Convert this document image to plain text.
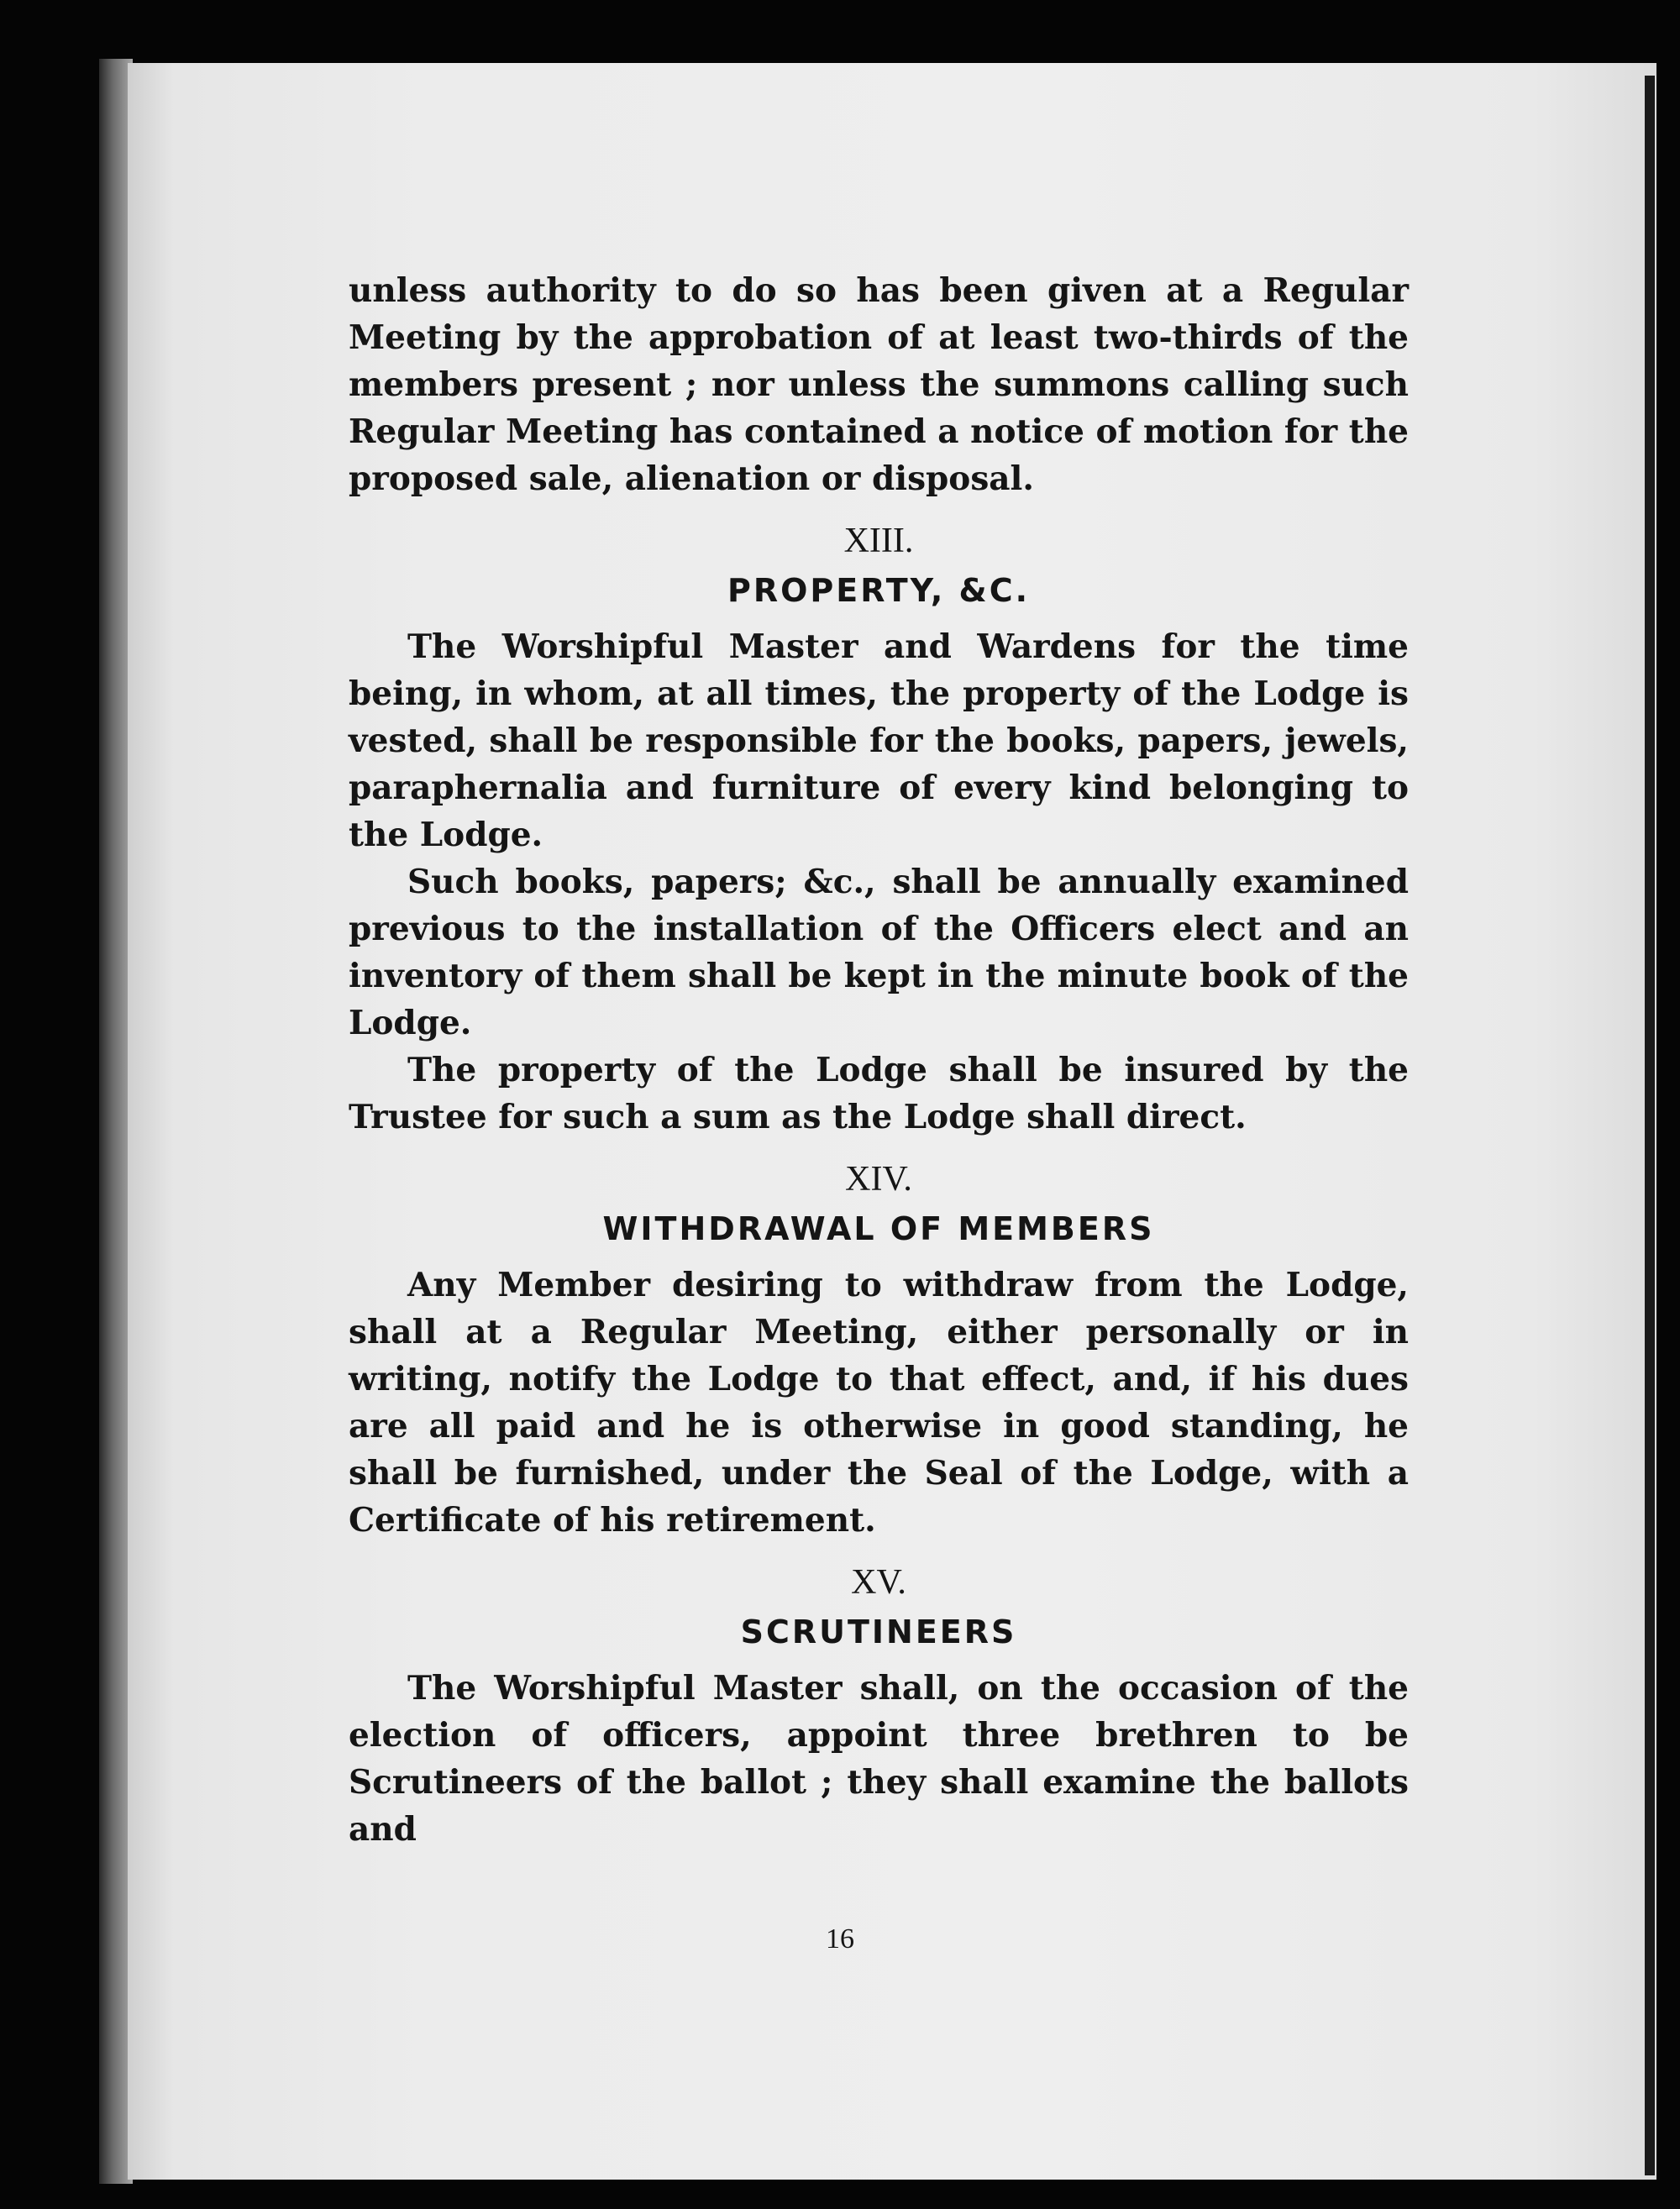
unless authority to do so has been given at a Regular Meeting by the approbation of at least two-thirds of the members present ; nor unless the summons calling such Regular Meeting has contained a notice of motion for the proposed sale, alienation or disposal.

XIII.
PROPERTY, &C.

The Worshipful Master and Wardens for the time being, in whom, at all times, the property of the Lodge is vested, shall be responsible for the books, papers, jewels, paraphernalia and furniture of every kind belonging to the Lodge.

Such books, papers; &c., shall be annually examined previous to the installation of the Officers elect and an inventory of them shall be kept in the minute book of the Lodge.

The property of the Lodge shall be insured by the Trustee for such a sum as the Lodge shall direct.

XIV.
WITHDRAWAL OF MEMBERS

Any Member desiring to withdraw from the Lodge, shall at a Regular Meeting, either personally or in writing, notify the Lodge to that effect, and, if his dues are all paid and he is otherwise in good standing, he shall be furnished, under the Seal of the Lodge, with a Certificate of his retirement.

XV.
SCRUTINEERS

The Worshipful Master shall, on the occasion of the election of officers, appoint three brethren to be Scrutineers of the ballot ; they shall examine the ballots and

16
